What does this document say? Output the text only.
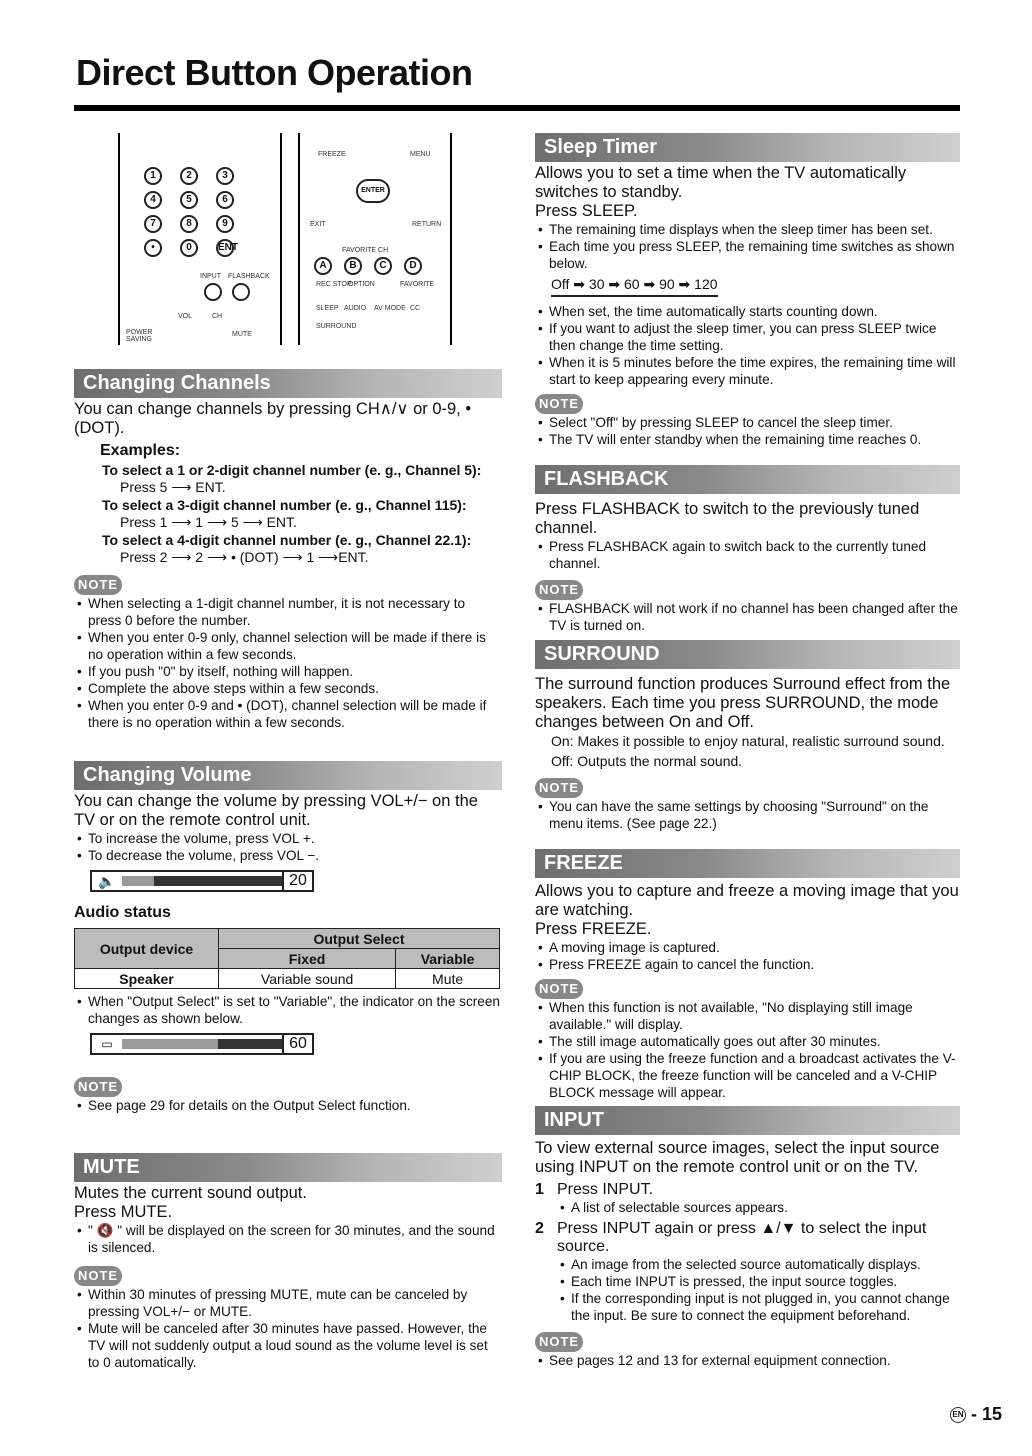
Direct Button Operation
1	2	3
4	5	6
7	8	9
•	0	ENT
INPUT FLASHBACK
VOL	CH
POWER SAVING
MUTE
FREEZE	MENU
ENTER
EXIT	RETURN
FAVORITE CH
A	B	C	D
REC STOP
OPTION	FAVORITE
SLEEP AUDIO AV MODE CC
SURROUND
Changing Channels

You can change channels by pressing CH∧/∨ or 0-9, • (DOT).

Examples:
To select a 1 or 2-digit channel number (e. g., Channel 5):
Press 5 ⟶ ENT.
To select a 3-digit channel number (e. g., Channel 115):
Press 1 ⟶ 1 ⟶ 5 ⟶ ENT.
To select a 4-digit channel number (e. g., Channel 22.1):
Press 2 ⟶ 2 ⟶ • (DOT) ⟶ 1 ⟶ENT.
NOTE
• When selecting a 1-digit channel number, it is not necessary to press 0 before the number.
• When you enter 0-9 only, channel selection will be made if there is no operation within a few seconds.
• If you push "0" by itself, nothing will happen.
• Complete the above steps within a few seconds.
• When you enter 0-9 and • (DOT), channel selection will be made if there is no operation within a few seconds.
Changing Volume

You can change the volume by pressing VOL+/− on the TV or on the remote control unit.

• To increase the volume, press VOL +.
• To decrease the volume, press VOL −.
🔈	20
Audio status
Output device	Output Select	
	Fixed	Variable
Speaker	Variable sound	Mute
• When "Output Select" is set to "Variable", the indicator on the screen changes as shown below.
▭	60
NOTE
• See page 29 for details on the Output Select function.
MUTE

Mutes the current sound output.

Press MUTE.

• " 🔇 " will be displayed on the screen for 30 minutes, and the sound is silenced.
NOTE
• Within 30 minutes of pressing MUTE, mute can be canceled by pressing VOL+/− or MUTE.
• Mute will be canceled after 30 minutes have passed. However, the TV will not suddenly output a loud sound as the volume level is set to 0 automatically.
Sleep Timer

Allows you to set a time when the TV automatically switches to standby.

Press SLEEP.

• The remaining time displays when the sleep timer has been set.
• Each time you press SLEEP, the remaining time switches as shown below.
Off ➡ 30 ➡ 60 ➡ 90 ➡ 120
• When set, the time automatically starts counting down.
• If you want to adjust the sleep timer, you can press SLEEP twice then change the time setting.
• When it is 5 minutes before the time expires, the remaining time will start to keep appearing every minute.
NOTE
• Select "Off" by pressing SLEEP to cancel the sleep timer.
• The TV will enter standby when the remaining time reaches 0.
FLASHBACK

Press FLASHBACK to switch to the previously tuned channel.

• Press FLASHBACK again to switch back to the currently tuned channel.
NOTE
• FLASHBACK will not work if no channel has been changed after the TV is turned on.
SURROUND

The surround function produces Surround effect from the speakers. Each time you press SURROUND, the mode changes between On and Off.

On: Makes it possible to enjoy natural, realistic surround sound.
Off: Outputs the normal sound.
NOTE
• You can have the same settings by choosing "Surround" on the menu items. (See page 22.)
FREEZE

Allows you to capture and freeze a moving image that you are watching.

Press FREEZE.

• A moving image is captured.
• Press FREEZE again to cancel the function.
NOTE
• When this function is not available, "No displaying still image available." will display.
• The still image automatically goes out after 30 minutes.
• If you are using the freeze function and a broadcast activates the V-CHIP BLOCK, the freeze function will be canceled and a V-CHIP BLOCK message will appear.
INPUT

To view external source images, select the input source using INPUT on the remote control unit or on the TV.

1 Press INPUT.
• A list of selectable sources appears.
2 Press INPUT again or press ▲/▼ to select the input source.
• An image from the selected source automatically displays.
• Each time INPUT is pressed, the input source toggles.
• If the corresponding input is not plugged in, you cannot change the input. Be sure to connect the equipment beforehand.
NOTE
• See pages 12 and 13 for external equipment connection.
EN - 15
